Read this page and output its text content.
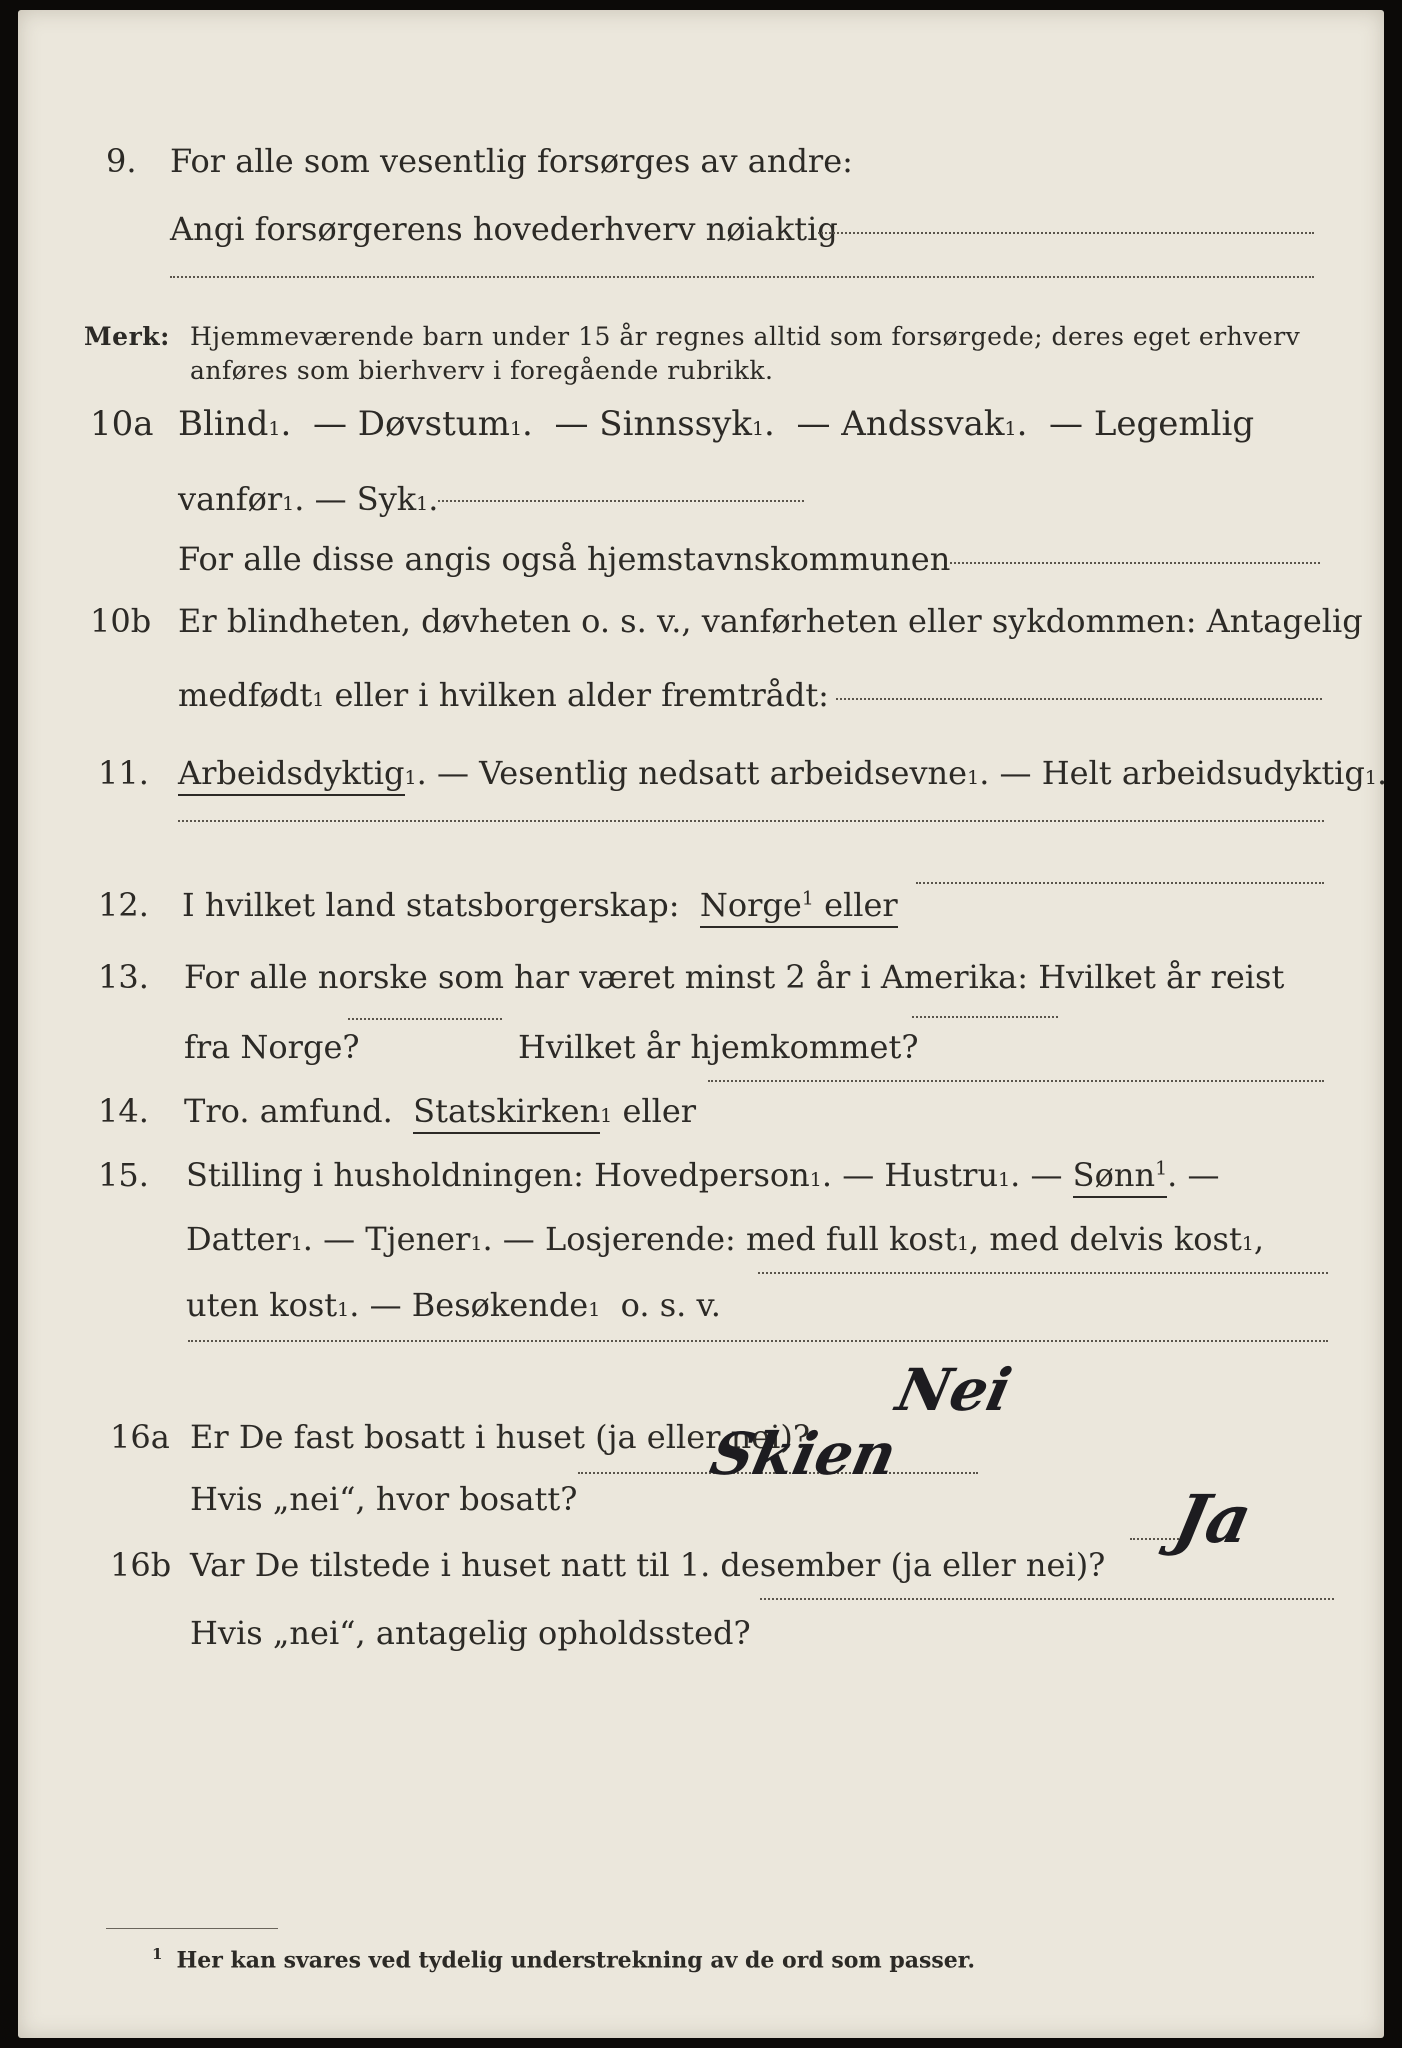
9. For alle som vesentlig forsørges av andre:
Angi forsørgerens hovederhverv nøiaktig
Merk: Hjemmeværende barn under 15 år regnes alltid som forsørgede; deres eget erhverv
anføres som bierhverv i foregående rubrikk.
10a Blind 1 . — Døvstum 1 . — Sinnssyk 1 . — Andssvak 1 . — Legemlig
vanfør 1 . — Syk 1 .
For alle disse angis også hjemstavnskommunen
10b Er blindheten, døvheten o. s. v., vanførheten eller sykdommen: Antagelig
medfødt 1
eller i hvilken alder fremtrådt:
11. Arbeidsdyktig 1 . — Vesentlig nedsatt arbeidsevne 1 . — Helt arbeidsudyktig 1 .
12. I hvilket land statsborgerskap:
Norge$^1$ eller
13. For alle norske som har været minst 2 år i Amerika: Hvilket år reist
fra Norge?	Hvilket år hjemkommet?
14. Tro. amfund.
Statskirken 1
eller
15. Stilling i husholdningen: Hovedperson 1 . — Hustru 1 . — Sønn$^1$ . —
Datter 1 . — Tjener 1 . — Losjerende: med full kost 1 , med delvis kost 1 ,
uten kost 1 . — Besøkende 1
o. s. v.
16a Er De fast bosatt i huset (ja eller nei)?
Nei
Hvis „nei“, hvor bosatt?
Skien
16b Var De tilstede i huset natt til 1. desember (ja eller nei)?
Ja
Hvis „nei“, antagelig opholdssted?
$^1$ Her kan svares ved tydelig understrekning av de ord som passer.
